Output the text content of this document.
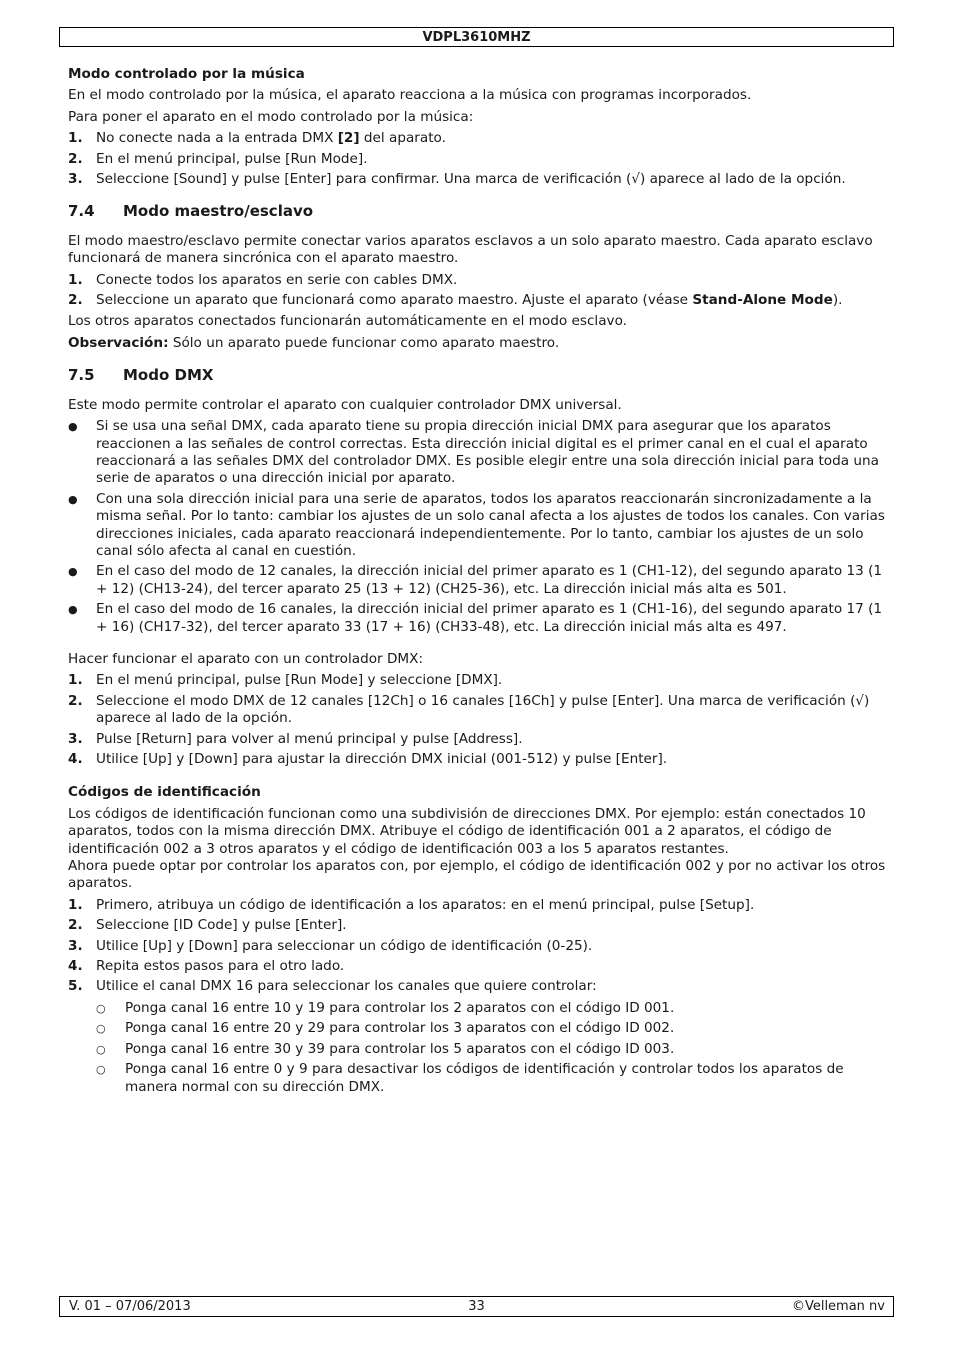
VDPL3610MHZ
Modo controlado por la música

En el modo controlado por la música, el aparato reacciona a la música con programas incorporados.

Para poner el aparato en el modo controlado por la música:

1. No conecte nada a la entrada DMX [2] del aparato.
2. En el menú principal, pulse [Run Mode].
3. Seleccione [Sound] y pulse [Enter] para confirmar. Una marca de verificación (√) aparece al lado de la opción.
7.4	Modo maestro/esclavo

El modo maestro/esclavo permite conectar varios aparatos esclavos a un solo aparato maestro. Cada aparato esclavo funcionará de manera sincrónica con el aparato maestro.

1. Conecte todos los aparatos en serie con cables DMX.
2. Seleccione un aparato que funcionará como aparato maestro. Ajuste el aparato (véase Stand-Alone Mode).

Los otros aparatos conectados funcionarán automáticamente en el modo esclavo.

Observación: Sólo un aparato puede funcionar como aparato maestro.

7.5	Modo DMX

Este modo permite controlar el aparato con cualquier controlador DMX universal.

●	Si se usa una señal DMX, cada aparato tiene su propia dirección inicial DMX para asegurar que los aparatos reaccionen a las señales de control correctas. Esta dirección inicial digital es el primer canal en el cual el aparato reaccionará a las señales DMX del controlador DMX. Es posible elegir entre una sola dirección inicial para toda una serie de aparatos o una dirección inicial por aparato.
●	Con una sola dirección inicial para una serie de aparatos, todos los aparatos reaccionarán sincronizadamente a la misma señal. Por lo tanto: cambiar los ajustes de un solo canal afecta a los ajustes de todos los canales. Con varias direcciones iniciales, cada aparato reaccionará independientemente. Por lo tanto, cambiar los ajustes de un solo canal sólo afecta al canal en cuestión.
●	En el caso del modo de 12 canales, la dirección inicial del primer aparato es 1 (CH1-12), del segundo aparato 13 (1 + 12) (CH13-24), del tercer aparato 25 (13 + 12) (CH25-36), etc. La dirección inicial más alta es 501.
●	En el caso del modo de 16 canales, la dirección inicial del primer aparato es 1 (CH1-16), del segundo aparato 17 (1 + 16) (CH17-32), del tercer aparato 33 (17 + 16) (CH33-48), etc. La dirección inicial más alta es 497.

Hacer funcionar el aparato con un controlador DMX:

1. En el menú principal, pulse [Run Mode] y seleccione [DMX].
2. Seleccione el modo DMX de 12 canales [12Ch] o 16 canales [16Ch] y pulse [Enter]. Una marca de verificación (√) aparece al lado de la opción.
3. Pulse [Return] para volver al menú principal y pulse [Address].
4. Utilice [Up] y [Down] para ajustar la dirección DMX inicial (001-512) y pulse [Enter].
Códigos de identificación

Los códigos de identificación funcionan como una subdivisión de direcciones DMX. Por ejemplo: están conectados 10 aparatos, todos con la misma dirección DMX. Atribuye el código de identificación 001 a 2 aparatos, el código de identificación 002 a 3 otros aparatos y el código de identificación 003 a los 5 aparatos restantes.

Ahora puede optar por controlar los aparatos con, por ejemplo, el código de identificación 002 y por no activar los otros aparatos.

1. Primero, atribuya un código de identificación a los aparatos: en el menú principal, pulse [Setup].
2. Seleccione [ID Code] y pulse [Enter].
3. Utilice [Up] y [Down] para seleccionar un código de identificación (0-25).
4. Repita estos pasos para el otro lado.
5. Utilice el canal DMX 16 para seleccionar los canales que quiere controlar:
○	Ponga canal 16 entre 10 y 19 para controlar los 2 aparatos con el código ID 001.
○	Ponga canal 16 entre 20 y 29 para controlar los 3 aparatos con el código ID 002.
○	Ponga canal 16 entre 30 y 39 para controlar los 5 aparatos con el código ID 003.
○	Ponga canal 16 entre 0 y 9 para desactivar los códigos de identificación y controlar todos los aparatos de manera normal con su dirección DMX.
V. 01 – 07/06/2013	33	©Velleman nv
